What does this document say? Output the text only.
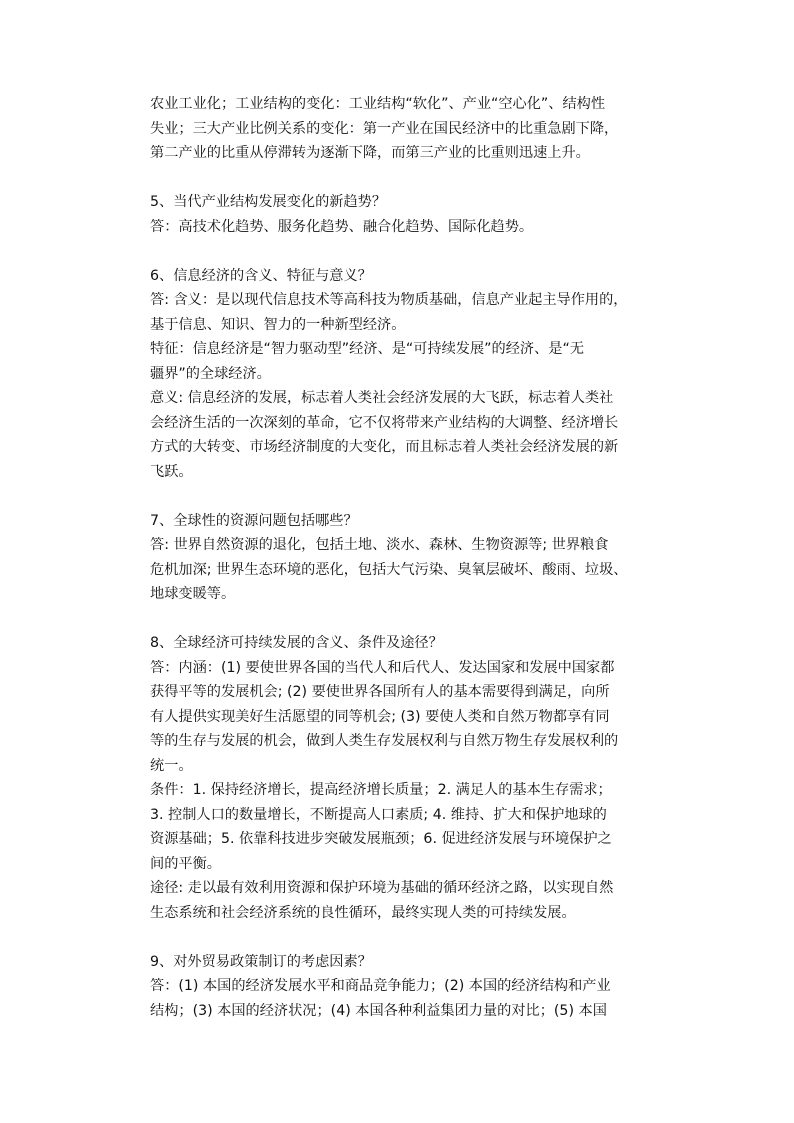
农业工业化；工业结构的变化：工业结构“软化”、产业“空心化”、结构性
失业；三大产业比例关系的变化：第一产业在国民经济中的比重急剧下降，
第二产业的比重从停滞转为逐渐下降，而第三产业的比重则迅速上升。
5、当代产业结构发展变化的新趋势？
答：高技术化趋势、服务化趋势、融合化趋势、国际化趋势。
6、信息经济的含义、特征与意义？
答: 含义：是以现代信息技术等高科技为物质基础，信息产业起主导作用的，
基于信息、知识、智力的一种新型经济。
特征：信息经济是“智力驱动型”经济、是“可持续发展”的经济、是“无
疆界”的全球经济。
意义: 信息经济的发展，标志着人类社会经济发展的大飞跃，标志着人类社
会经济生活的一次深刻的革命，它不仅将带来产业结构的大调整、经济增长
方式的大转变、市场经济制度的大变化，而且标志着人类社会经济发展的新
飞跃。
7、全球性的资源问题包括哪些？
答: 世界自然资源的退化，包括土地、淡水、森林、生物资源等; 世界粮食
危机加深; 世界生态环境的恶化，包括大气污染、臭氧层破坏、酸雨、垃圾、
地球变暖等。
8、全球经济可持续发展的含义、条件及途径？
答：内涵：(1) 要使世界各国的当代人和后代人、发达国家和发展中国家都
获得平等的发展机会; (2) 要使世界各国所有人的基本需要得到满足，向所
有人提供实现美好生活愿望的同等机会; (3) 要使人类和自然万物都享有同
等的生存与发展的机会，做到人类生存发展权利与自然万物生存发展权利的
统一。
条件：1. 保持经济增长，提高经济增长质量；2. 满足人的基本生存需求；
3. 控制人口的数量增长，不断提高人口素质; 4. 维持、扩大和保护地球的
资源基础；5. 依靠科技进步突破发展瓶颈；6. 促进经济发展与环境保护之
间的平衡。
途径: 走以最有效利用资源和保护环境为基础的循环经济之路，以实现自然
生态系统和社会经济系统的良性循环，最终实现人类的可持续发展。
9、对外贸易政策制订的考虑因素？
答：(1) 本国的经济发展水平和商品竞争能力；(2) 本国的经济结构和产业
结构；(3) 本国的经济状况；(4) 本国各种利益集团力量的对比；(5) 本国
